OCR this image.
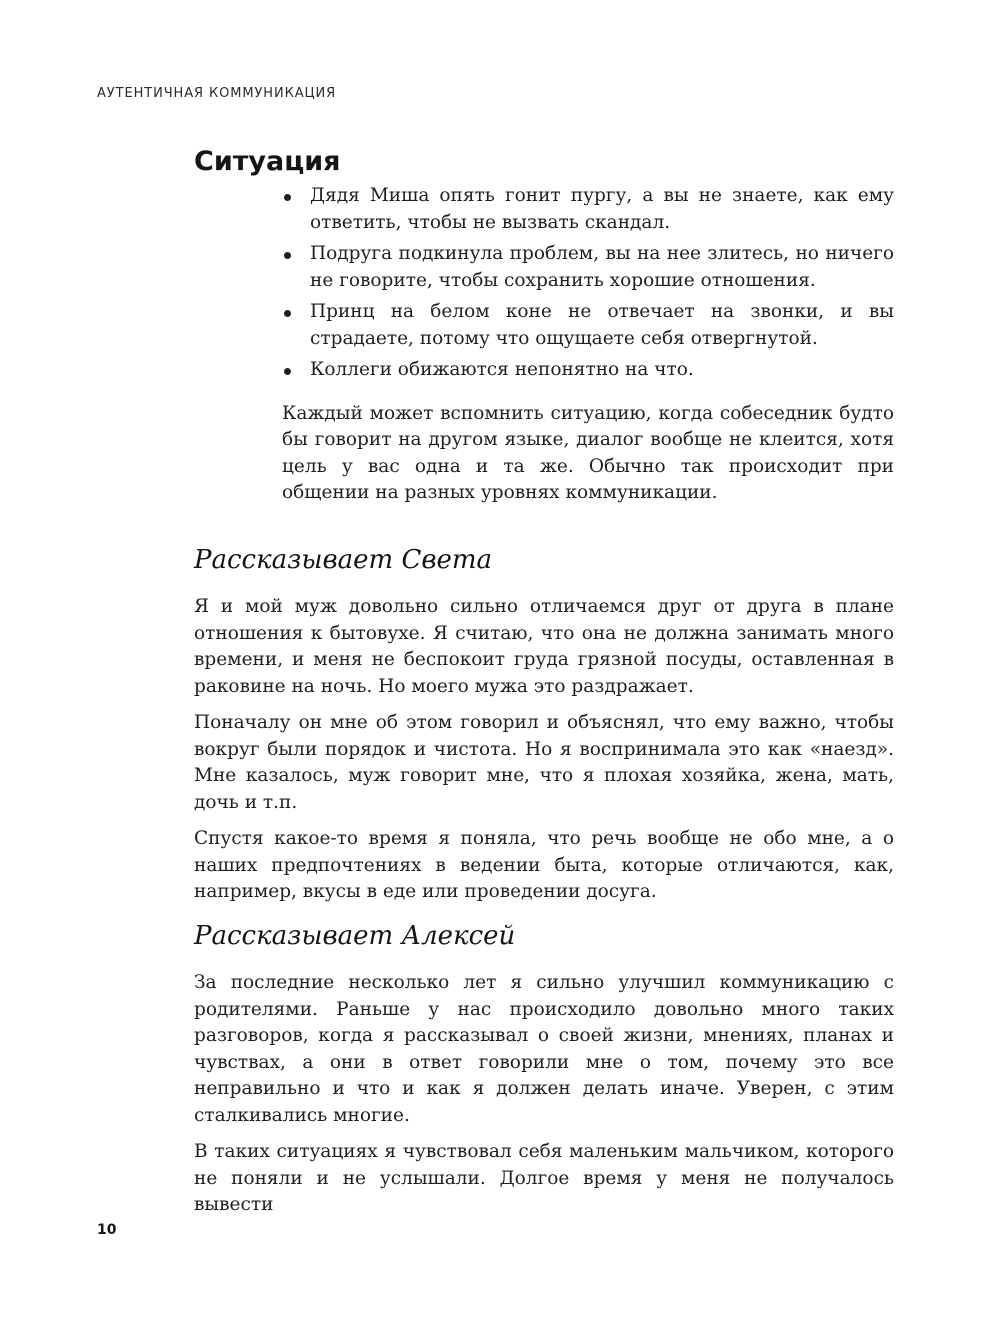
АУТЕНТИЧНАЯ КОММУНИКАЦИЯ
Ситуация
Дядя Миша опять гонит пургу, а вы не знаете, как ему ответить, чтобы не вызвать скандал.
Подруга подкинула проблем, вы на нее злитесь, но ничего не говорите, чтобы сохранить хорошие отношения.
Принц на белом коне не отвечает на звонки, и вы страдаете, потому что ощущаете себя отвергнутой.
Коллеги обижаются непонятно на что.

Каждый может вспомнить ситуацию, когда собеседник будто бы говорит на другом языке, диалог вообще не клеится, хотя цель у вас одна и та же. Обычно так происходит при общении на разных уровнях коммуникации.

Рассказывает Света

Я и мой муж довольно сильно отличаемся друг от друга в плане отношения к бытовухе. Я считаю, что она не должна занимать много времени, и меня не беспокоит груда грязной посуды, оставленная в раковине на ночь. Но моего мужа это раздражает.

Поначалу он мне об этом говорил и объяснял, что ему важно, чтобы вокруг были порядок и чистота. Но я воспринимала это как «наезд». Мне казалось, муж говорит мне, что я плохая хозяйка, жена, мать, дочь и т.п.

Спустя какое-то время я поняла, что речь вообще не обо мне, а о наших предпочтениях в ведении быта, которые отличаются, как, например, вкусы в еде или проведении досуга.

Рассказывает Алексей

За последние несколько лет я сильно улучшил коммуникацию с родителями. Раньше у нас происходило довольно много таких разговоров, когда я рассказывал о своей жизни, мнениях, планах и чувствах, а они в ответ говорили мне о том, почему это все неправильно и что и как я должен делать иначе. Уверен, с этим сталкивались многие.

В таких ситуациях я чувствовал себя маленьким мальчиком, которого не поняли и не услышали. Долгое время у меня не получалось вывести

10
